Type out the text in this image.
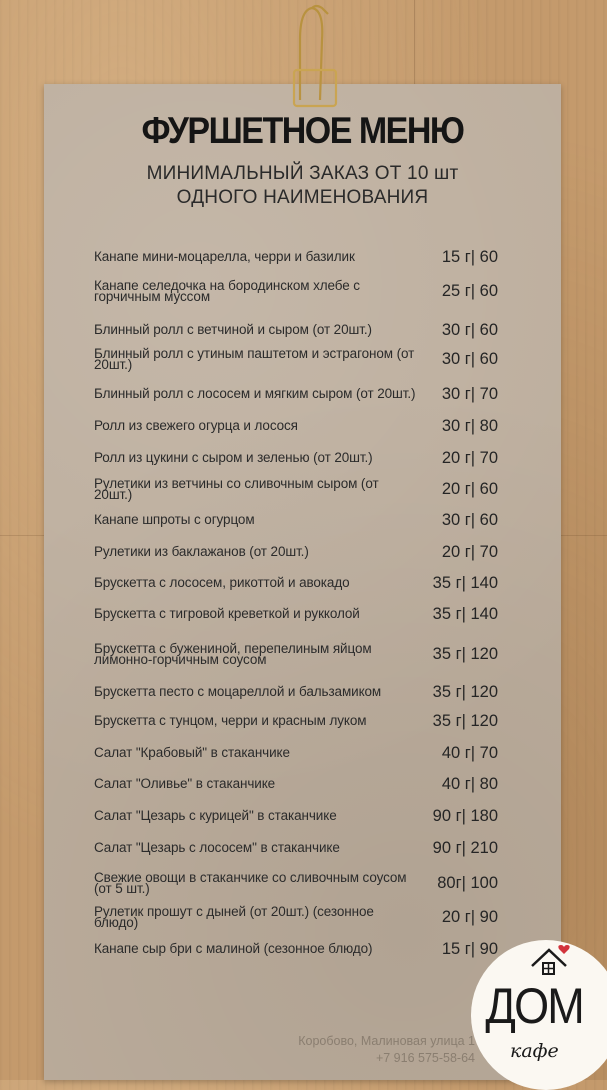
ФУРШЕТНОЕ МЕНЮ
МИНИМАЛЬНЫЙ ЗАКАЗ ОТ 10 шт
ОДНОГО НАИМЕНОВАНИЯ
Канапе мини-моцарелла, черри и базилик	15 г| 60
Канапе селедочка на бородинском хлебе с горчичным муссом	25 г| 60
Блинный ролл с ветчиной и сыром (от 20шт.)	30 г| 60
Блинный ролл с утиным паштетом и эстрагоном (от 20шт.)	30 г| 60
Блинный ролл с лососем и мягким сыром (от 20шт.) 30 г| 70
Ролл из свежего огурца и лосося	30 г| 80
Ролл из цукини с сыром и зеленью (от 20шт.)	20 г| 70
Рулетики из ветчины со сливочным сыром (от 20шт.)	20 г| 60
Канапе шпроты с огурцом	30 г| 60
Рулетики из баклажанов (от 20шт.)	20 г| 70
Брускетта с лососем, рикоттой и авокадо	35 г| 140
Брускетта с тигровой креветкой и рукколой	35 г| 140
Брускетта с бужениной, перепелиным яйцом лимонно-горчичным соусом	35 г| 120
Брускетта песто с моцареллой и бальзамиком	35 г| 120
Брускетта с тунцом, черри и красным луком	35 г| 120
Салат "Крабовый" в стаканчике	40 г| 70
Салат "Оливье" в стаканчике	40 г| 80
Салат "Цезарь с курицей" в стаканчике	90 г| 180
Салат "Цезарь с лососем" в стаканчике	90 г| 210
Свежие овощи в стаканчике со сливочным соусом (от 5 шт.)	80г| 100
Рулетик прошут с дыней (от 20шт.) (сезонное блюдо)	20 г| 90
Канапе сыр бри с малиной (сезонное блюдо)	15 г| 90
Коробово, Малиновая улица 1
+7 916 575-58-64
ДОМ
кафе
